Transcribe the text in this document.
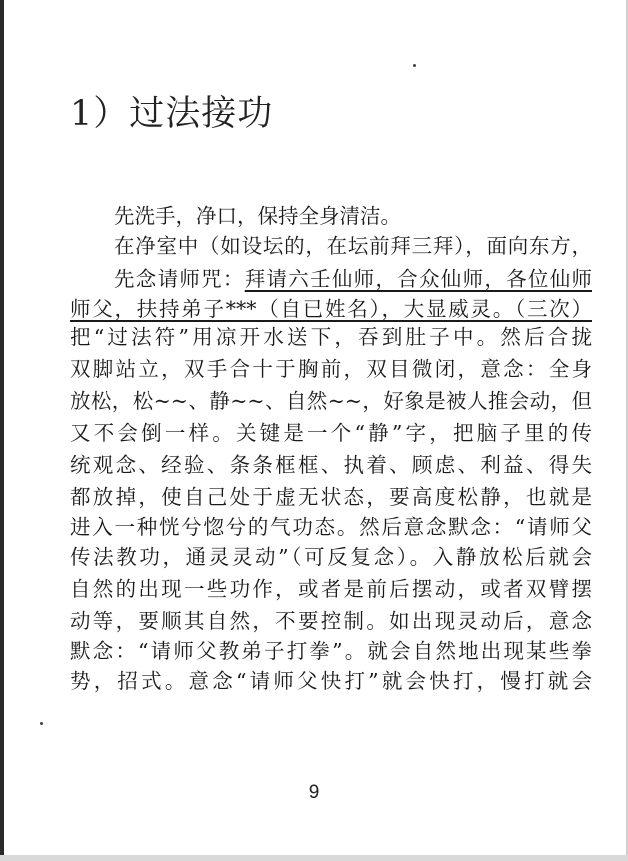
1）过法接功
先洗手，净口，保持全身清洁。
在净室中（如设坛的，在坛前拜三拜），面向东方，
先念请师咒：拜请六壬仙师，合众仙师，各位仙师
师父，扶持弟子***（自已姓名），大显威灵。（三次）
把“过法符”用凉开水送下，吞到肚子中。然后合拢
双脚站立，双手合十于胸前，双目微闭，意念：全身
放松，松~~、静~~、自然~~，好象是被人推会动，但
又不会倒一样。关键是一个“静”字，把脑子里的传
统观念、经验、条条框框、执着、顾虑、利益、得失
都放掉，使自己处于虚无状态，要高度松静，也就是
进入一种恍兮惚兮的气功态。然后意念默念：“请师父
传法教功，通灵灵动”（可反复念）。入静放松后就会
自然的出现一些功作，或者是前后摆动，或者双臂摆
动等，要顺其自然，不要控制。如出现灵动后，意念
默念：“请师父教弟子打拳”。就会自然地出现某些拳
势，招式。意念“请师父快打”就会快打，慢打就会
9
